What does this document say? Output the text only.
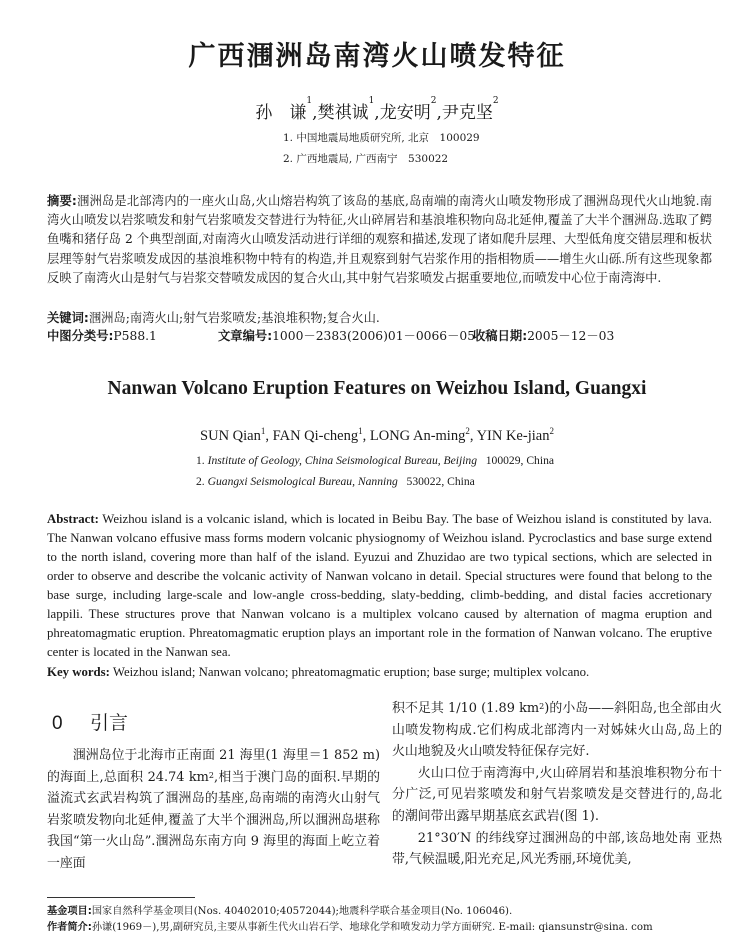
广西涠洲岛南湾火山喷发特征
孙　谦$^1$,樊祺诚$^1$,龙安明$^2$,尹克坚$^2$
1. 中国地震局地质研究所, 北京　100029
2. 广西地震局, 广西南宁　530022
摘要:涠洲岛是北部湾内的一座火山岛,火山熔岩构筑了该岛的基底,岛南端的南湾火山喷发物形成了涠洲岛现代火山地貌.南湾火山喷发以岩浆喷发和射气岩浆喷发交替进行为特征,火山碎屑岩和基浪堆积物向岛北延伸,覆盖了大半个涠洲岛.选取了鳄鱼嘴和猪仔岛 2 个典型剖面,对南湾火山喷发活动进行详细的观察和描述,发现了诸如爬升层理、大型低角度交错层理和板状层理等射气岩浆喷发成因的基浪堆积物中特有的构造,并且观察到射气岩浆作用的指相物质——增生火山砾.所有这些现象都反映了南湾火山是射气与岩浆交替喷发成因的复合火山,其中射气岩浆喷发占据重要地位,而喷发中心位于南湾海中.
关键词:涠洲岛;南湾火山;射气岩浆喷发;基浪堆积物;复合火山.
中图分类号:P588.1	文章编号:1000－2383(2006)01－0066－05
收稿日期:2005－12－03
Nanwan Volcano Eruption Features on Weizhou Island, Guangxi
SUN Qian$^1$, FAN Qi-cheng$^1$, LONG An-ming$^2$, YIN Ke-jian$^2$
1. Institute of Geology, China Seismological Bureau, Beijing 100029, China
2. Guangxi Seismological Bureau, Nanning 530022, China
Abstract: Weizhou island is a volcanic island, which is located in Beibu Bay. The base of Weizhou island is constituted by lava. The Nanwan volcano effusive mass forms modern volcanic physiognomy of Weizhou island. Pycroclastics and base surge extend to the north island, covering more than half of the island. Eyuzui and Zhuzidao are two typical sections, which are selected in order to observe and describe the volcanic activity of Nanwan volcano in detail. Special structures were found that belong to the base surge, including large-scale and low-angle cross-bedding, slaty-bedding, climb-bedding, and distal facies accretionary lappili. These structures prove that Nanwan volcano is a multiplex volcano caused by alternation of magma eruption and phreatomagmatic eruption. Phreatomagmatic eruption plays an important role in the formation of Nanwan volcano. The eruptive center is located in the Nanwan sea.
Key words: Weizhou island; Nanwan volcano; phreatomagmatic eruption; base surge; multiplex volcano.
0 引言

涠洲岛位于北海市正南面 21 海里(1 海里＝1 852 m)的海面上,总面积 24.74 $km^2$,相当于澳门岛的面积.早期的溢流式玄武岩构筑了涠洲岛的基座,岛南端的南湾火山射气岩浆喷发物向北延伸,覆盖了大半个涠洲岛,所以涠洲岛堪称我国“第一火山岛”.涠洲岛东南方向 9 海里的海面上屹立着一座面

积不足其 1/10 (1.89 $km^2$)的小岛——斜阳岛,也全部由火山喷发物构成.它们构成北部湾内一对姊妹火山岛,岛上的火山地貌及火山喷发特征保存完好.

火山口位于南湾海中,火山碎屑岩和基浪堆积物分布十分广泛,可见岩浆喷发和射气岩浆喷发是交替进行的,岛北的潮间带出露早期基底玄武岩(图 1).

21°30′N 的纬线穿过涠洲岛的中部,该岛地处南 亚热带,气候温暖,阳光充足,风光秀丽,环境优美,

基金项目:国家自然科学基金项目(Nos. 40402010;40572044);地震科学联合基金项目(No. 106046).
作者简介:孙谦(1969－),男,副研究员,主要从事新生代火山岩石学、地球化学和喷发动力学方面研究. E-mail: qiansunstr@sina. com
